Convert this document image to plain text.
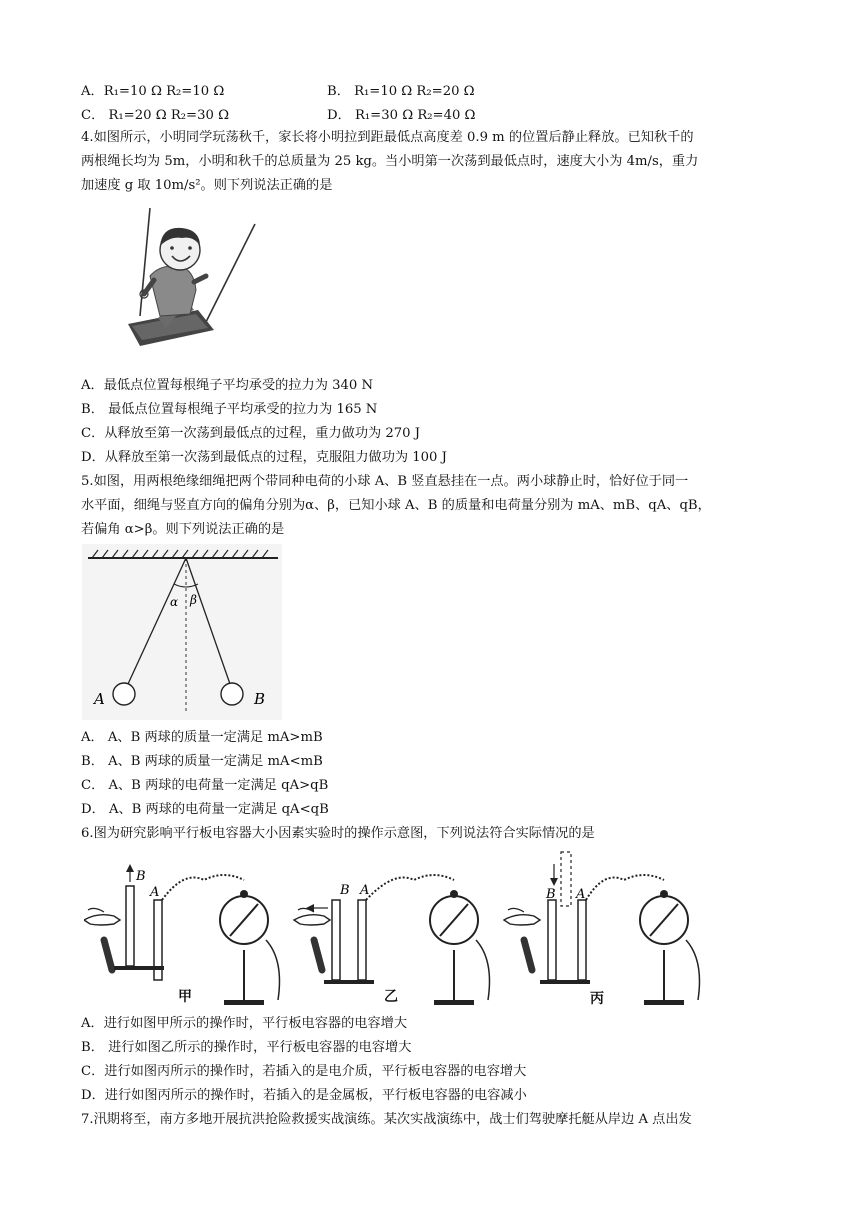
A．R₁=10 Ω R₂=10 Ω	B． R₁=10 Ω R₂=20 Ω
C． R₁=20 Ω R₂=30 Ω	D． R₁=30 Ω R₂=40 Ω
4.如图所示，小明同学玩荡秋千，家长将小明拉到距最低点高度差 0.9 m 的位置后静止释放。已知秋千的
两根绳长均为 5m，小明和秋千的总质量为 25 kg。当小明第一次荡到最低点时，速度大小为 4m/s，重力
加速度 g 取 10m/s²。则下列说法正确的是
A．最低点位置每根绳子平均承受的拉力为 340 N
B． 最低点位置每根绳子平均承受的拉力为 165 N
C．从释放至第一次荡到最低点的过程，重力做功为 270 J
D．从释放至第一次荡到最低点的过程，克服阻力做功为 100 J
5.如图，用两根绝缘细绳把两个带同种电荷的小球 A、B 竖直悬挂在一点。两小球静止时，恰好位于同一
水平面，细绳与竖直方向的偏角分别为α、β，已知小球 A、B 的质量和电荷量分别为 mA、mB、qA、qB，
若偏角 α>β。则下列说法正确的是
α β
A	B
A． A、B 两球的质量一定满足 mA>mB
B． A、B 两球的质量一定满足 mA<mB
C． A、B 两球的电荷量一定满足 qA>qB
D． A、B 两球的电荷量一定满足 qA<qB
6.图为研究影响平行板电容器大小因素实验时的操作示意图，下列说法符合实际情况的是
B
A	B A	B A
甲	乙	丙
A．进行如图甲所示的操作时，平行板电容器的电容增大
B． 进行如图乙所示的操作时，平行板电容器的电容增大
C．进行如图丙所示的操作时，若插入的是电介质，平行板电容器的电容增大
D．进行如图丙所示的操作时，若插入的是金属板，平行板电容器的电容减小
7.汛期将至，南方多地开展抗洪抢险救援实战演练。某次实战演练中，战士们驾驶摩托艇从岸边 A 点出发
